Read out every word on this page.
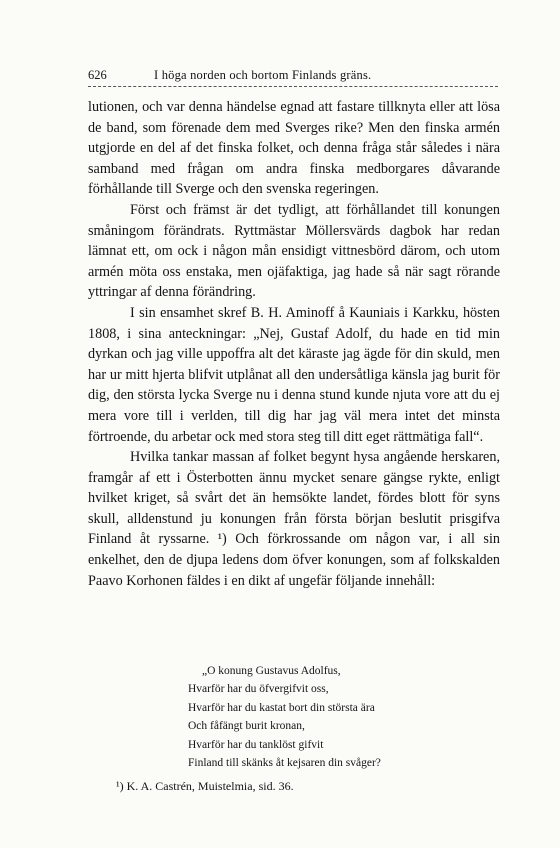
626	I höga norden och bortom Finlands gräns.

lutionen, och var denna händelse egnad att fastare tillknyta eller att lösa de band, som förenade dem med Sverges rike? Men den finska armén utgjorde en del af det finska folket, och denna fråga står således i nära samband med frågan om andra finska medborgares dåvarande förhållande till Sverge och den svenska regeringen.

Först och främst är det tydligt, att förhållandet till konungen småningom förändrats. Ryttmästar Möllersvärds dagbok har redan lämnat ett, om ock i någon mån ensidigt vittnesbörd därom, och utom armén möta oss enstaka, men ojäfaktiga, jag hade så när sagt rörande yttringar af denna förändring.

I sin ensamhet skref B. H. Aminoff å Kauniais i Karkku, hösten 1808, i sina anteckningar: „Nej, Gustaf Adolf, du hade en tid min dyrkan och jag ville uppoffra alt det käraste jag ägde för din skuld, men har ur mitt hjerta blifvit utplånat all den undersåtliga känsla jag burit för dig, den största lycka Sverge nu i denna stund kunde njuta vore att du ej mera vore till i verlden, till dig har jag väl mera intet det minsta förtroende, du arbetar ock med stora steg till ditt eget rättmätiga fall“.

Hvilka tankar massan af folket begynt hysa angående herskaren, framgår af ett i Österbotten ännu mycket senare gängse rykte, enligt hvilket kriget, så svårt det än hemsökte landet, fördes blott för syns skull, alldenstund ju konungen från första början beslutit prisgifva Finland åt ryssarne. ¹) Och förkrossande om någon var, i all sin enkelhet, den de djupa ledens dom öfver konungen, som af folkskalden Paavo Korhonen fäldes i en dikt af ungefär följande innehåll:

„O konung Gustavus Adolfus,
Hvarför har du öfvergifvit oss,
Hvarför har du kastat bort din största ära
Och fåfängt burit kronan,
Hvarför har du tanklöst gifvit
Finland till skänks åt kejsaren din svåger?
¹) K. A. Castrén, Muistelmia, sid. 36.
